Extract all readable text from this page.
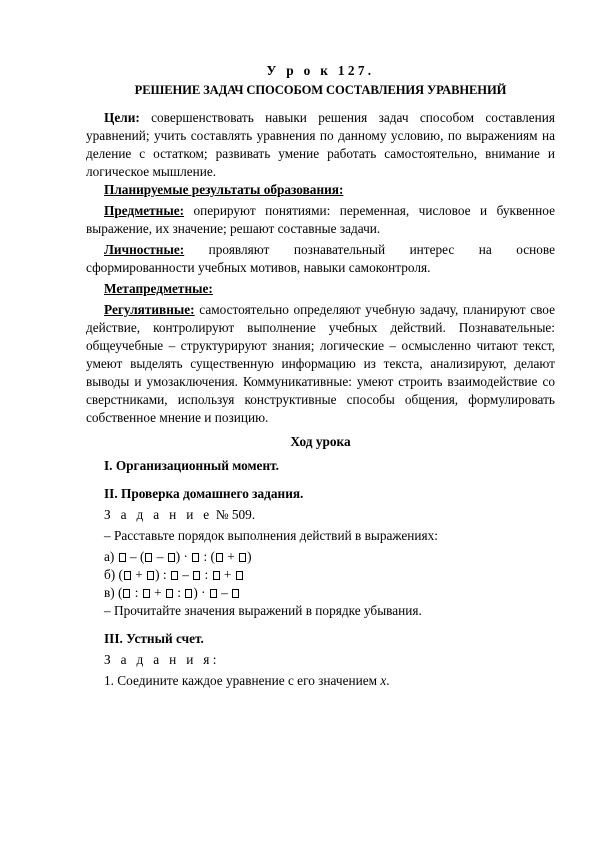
У р о к 127.
РЕШЕНИЕ ЗАДАЧ СПОСОБОМ СОСТАВЛЕНИЯ УРАВНЕНИЙ

Цели: совершенствовать навыки решения задач способом составления уравнений; учить составлять уравнения по данному условию, по выражениям на деление с остатком; развивать умение работать самостоятельно, внимание и логическое мышление.

Планируемые результаты образования:

Предметные: оперируют понятиями: переменная, числовое и буквенное выражение, их значение; решают составные задачи.

Личностные: проявляют познавательный интерес на основе сформированности учебных мотивов, навыки самоконтроля.

Метапредметные:

Регулятивные: самостоятельно определяют учебную задачу, планируют свое действие, контролируют выполнение учебных действий. Познавательные: общеучебные – структурируют знания; логические – осмысленно читают текст, умеют выделять существенную информацию из текста, анализируют, делают выводы и умозаключения. Коммуникативные: умеют строить взаимодействие со сверстниками, используя конструктивные способы общения, формулировать собственное мнение и позицию.

Ход урока
I. Организационный момент.
II. Проверка домашнего задания.
З а д а н и е № 509.
– Расставьте порядок выполнения действий в выражениях:
а)  – ( – ) ·  : ( + )
б) ( + ) :  –  :  +
в) ( :  +  : ) ·  –
– Прочитайте значения выражений в порядке убывания.
III. Устный счет.
З а д а н и я:
1. Соедините каждое уравнение с его значением x.
